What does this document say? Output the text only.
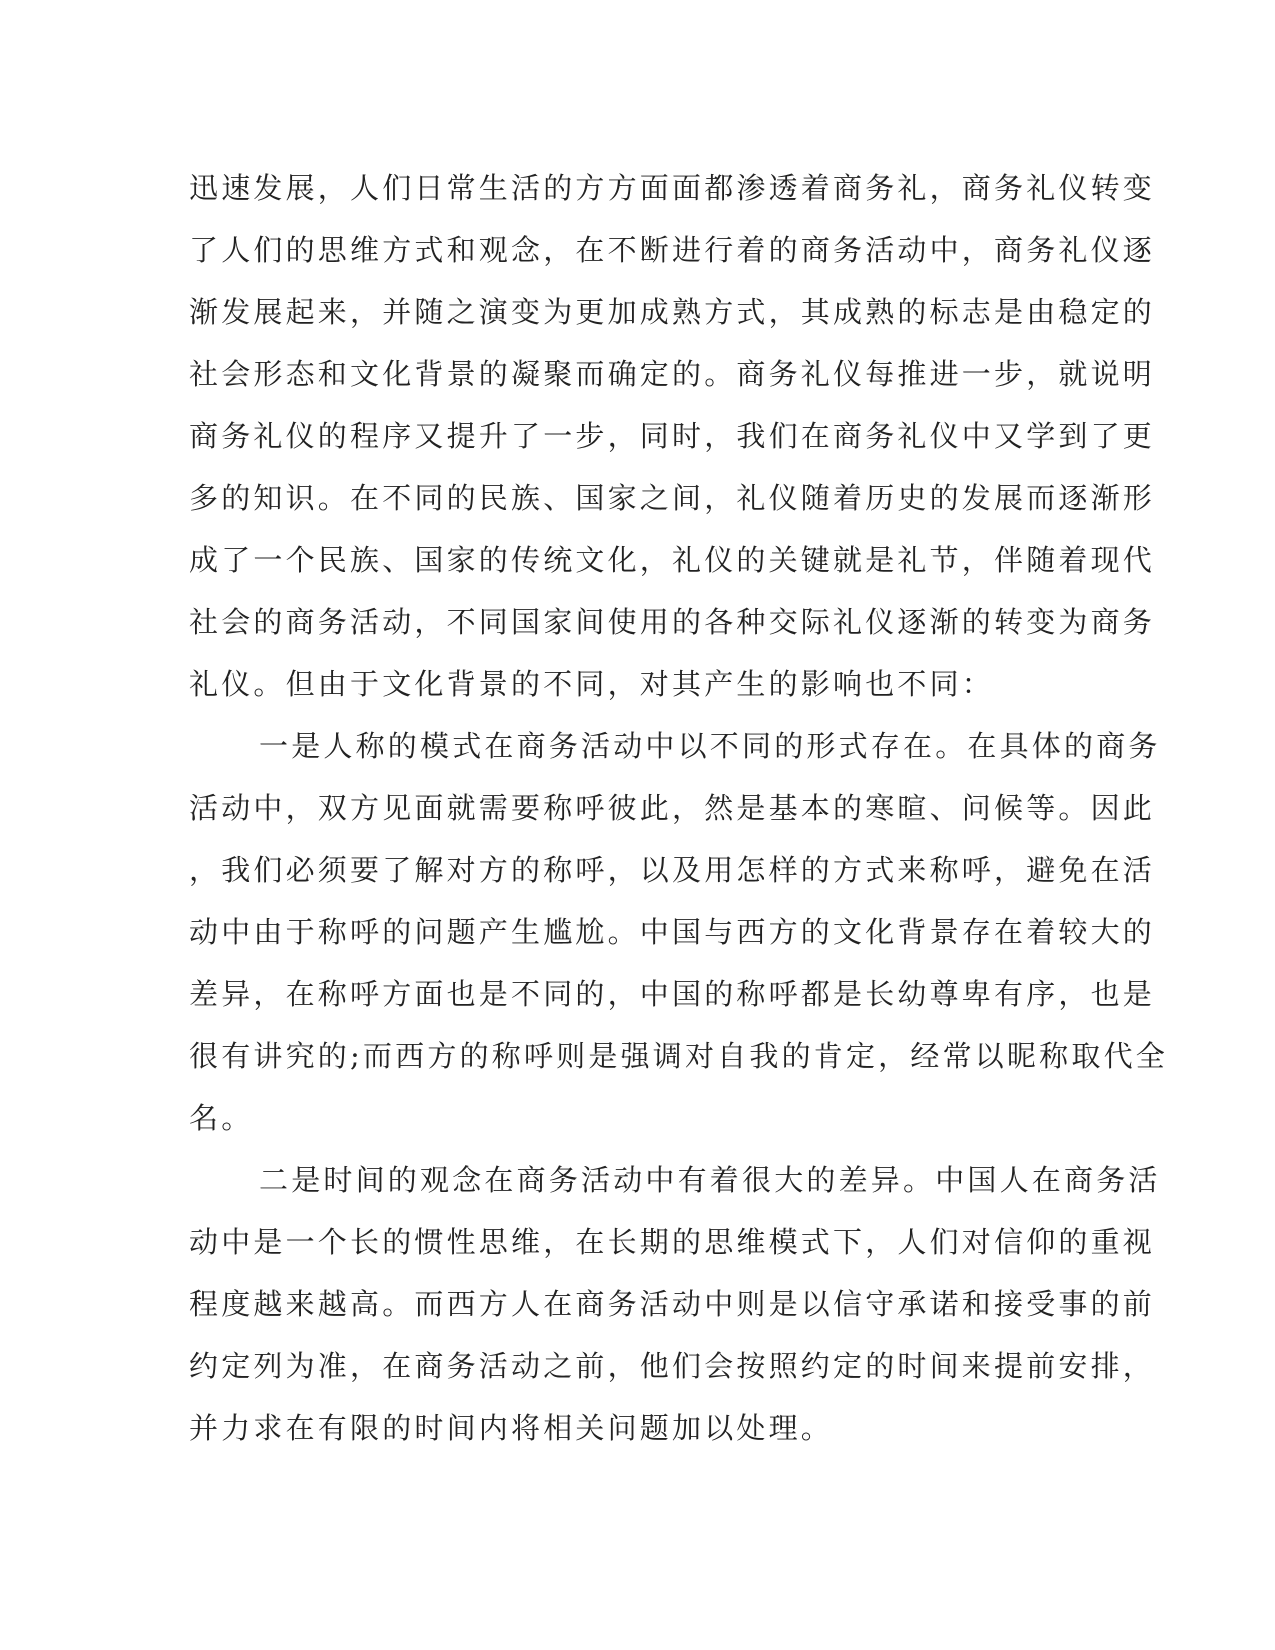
迅速发展，人们日常生活的方方面面都渗透着商务礼，商务礼仪转变
了人们的思维方式和观念，在不断进行着的商务活动中，商务礼仪逐
渐发展起来，并随之演变为更加成熟方式，其成熟的标志是由稳定的
社会形态和文化背景的凝聚而确定的。商务礼仪每推进一步，就说明
商务礼仪的程序又提升了一步，同时，我们在商务礼仪中又学到了更
多的知识。在不同的民族、国家之间，礼仪随着历史的发展而逐渐形
成了一个民族、国家的传统文化，礼仪的关键就是礼节，伴随着现代
社会的商务活动，不同国家间使用的各种交际礼仪逐渐的转变为商务
礼仪。但由于文化背景的不同，对其产生的影响也不同：
一是人称的模式在商务活动中以不同的形式存在。在具体的商务
活动中，双方见面就需要称呼彼此，然是基本的寒暄、问候等。因此
，我们必须要了解对方的称呼，以及用怎样的方式来称呼，避免在活
动中由于称呼的问题产生尴尬。中国与西方的文化背景存在着较大的
差异，在称呼方面也是不同的，中国的称呼都是长幼尊卑有序，也是
很有讲究的;而西方的称呼则是强调对自我的肯定，经常以昵称取代全
名。
二是时间的观念在商务活动中有着很大的差异。中国人在商务活
动中是一个长的惯性思维，在长期的思维模式下，人们对信仰的重视
程度越来越高。而西方人在商务活动中则是以信守承诺和接受事的前
约定列为准，在商务活动之前，他们会按照约定的时间来提前安排，
并力求在有限的时间内将相关问题加以处理。
